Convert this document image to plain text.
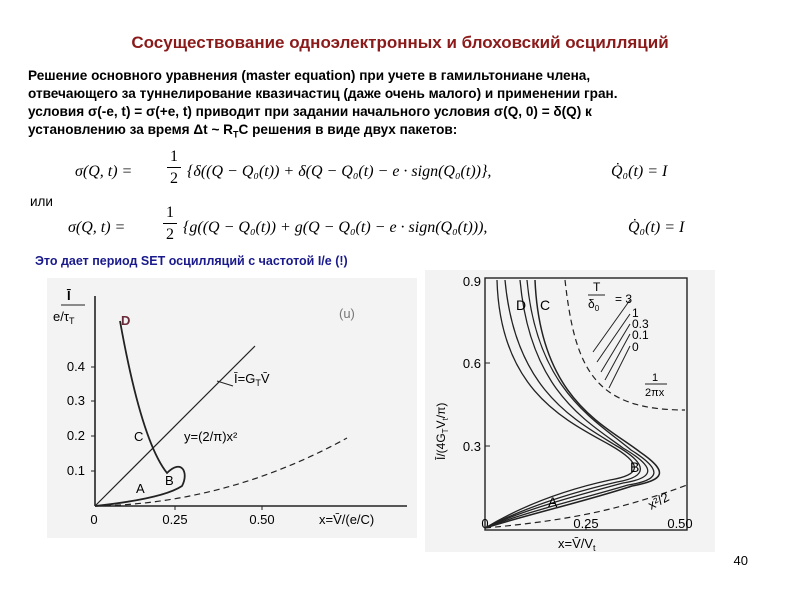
Сосуществование одноэлектронных и блоховский осцилляций
Решение основного уравнения (master equation) при учете в гамильтониане члена,
отвечающего за туннелирование квазичастиц (даже очень малого) и применении гран.
условия σ(-e, t) = σ(+e, t) приводит при задании начального условия σ(Q, 0) = δ(Q) к
установлению за время Δt ~ $R_TC$ решения в виде двух пакетов:
σ(Q, $t) = \frac{1}{2} \{\delta((Q - Q_0(t)) + \delta(Q - Q_0(t) - e$ · sign(Q₀(t))},	Q̇₀(t) = I
или
σ(Q, $t) = \frac{1}{2} \{g((Q - Q_0(t)) + g(Q - Q_0(t) - e$ · sign(Q₀(t))),	Q̇₀(t) = I
Это дает период SET осцилляций с частотой I/e (!)
Ī
$e/\tau_T$
0.4
0.3
0.2
0.1
0	0.25	0.50	x=V̄/(e/C)
(u)
D
C
A
B
$Ī=G_TV̄$
y=(2/π)x²
0.9
0.6
0.3
0	0.25	0.50
$x=V̄/V_t$
$Ī/(4G_TV_t/\pi)$
D C
B
A
T
$\delta_0$
= 3
1
0.3
0.1
0
1
2πx
x²/2
40
